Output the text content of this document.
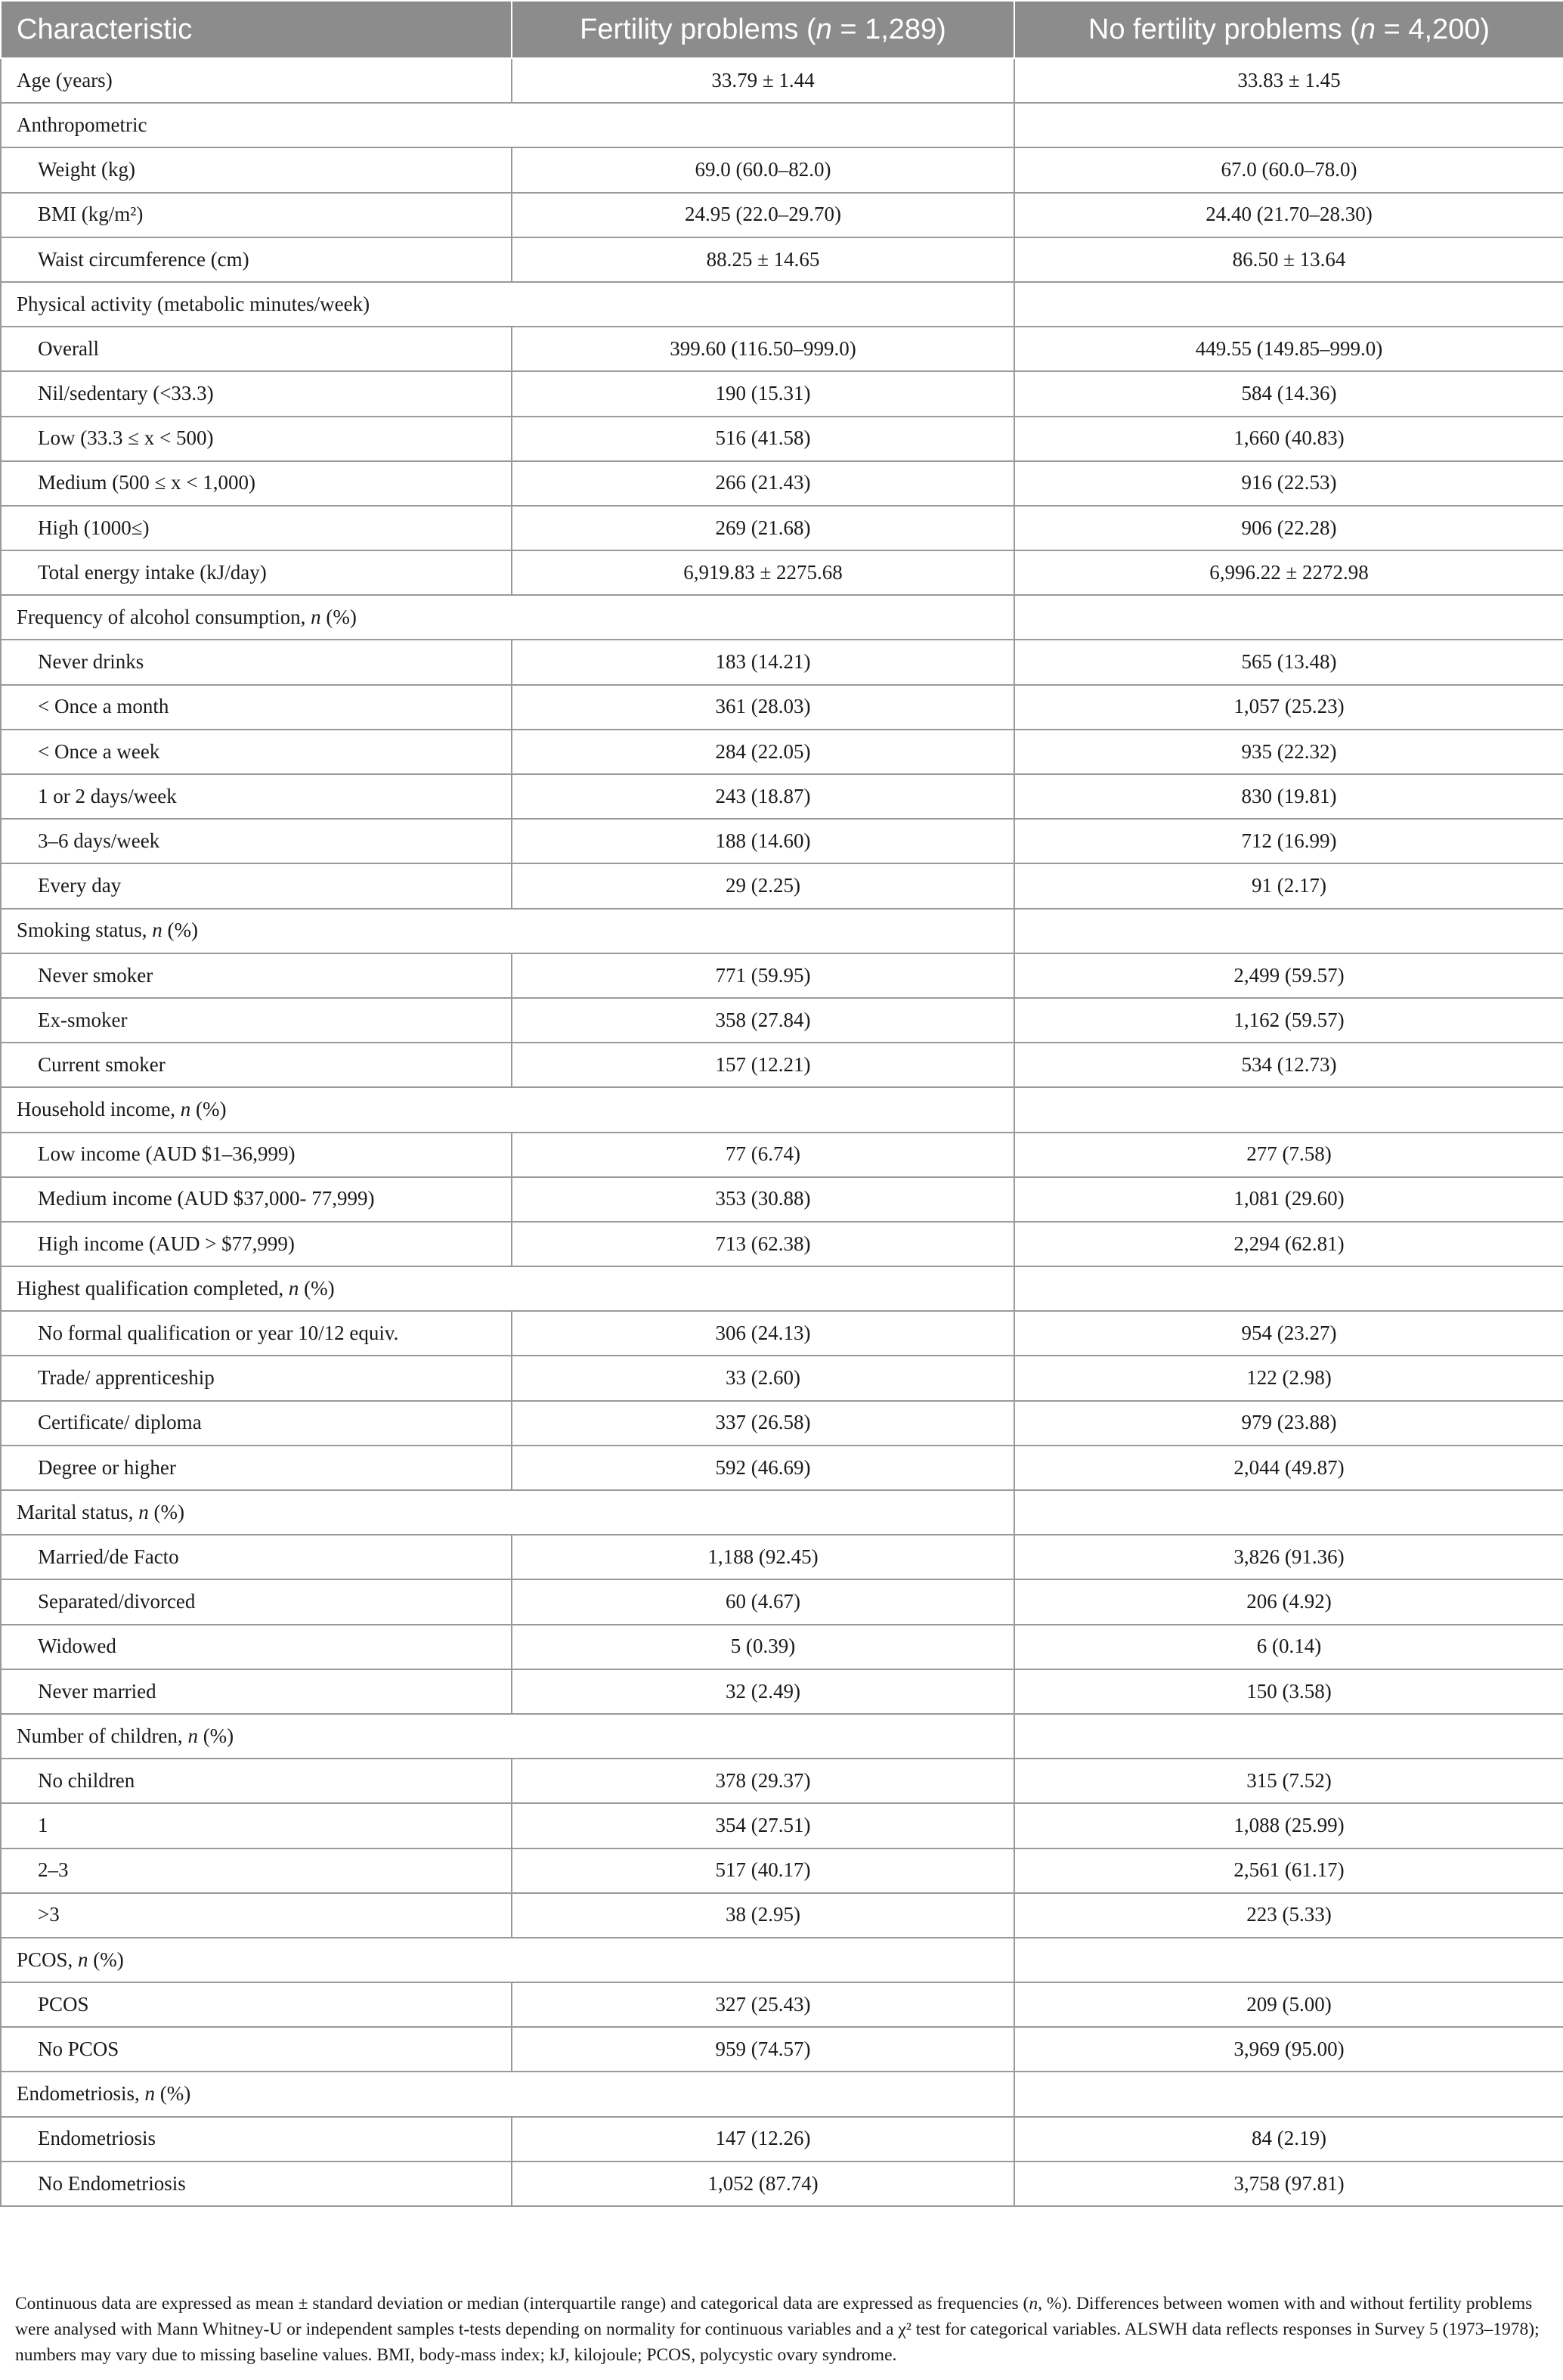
Characteristic	Fertility problems (n = 1,289)	No fertility problems (n = 4,200)
Age (years)	33.79 ± 1.44	33.83 ± 1.45
Anthropometric		
Weight (kg)	69.0 (60.0–82.0)	67.0 (60.0–78.0)
BMI (kg/m²)	24.95 (22.0–29.70)	24.40 (21.70–28.30)
Waist circumference (cm)	88.25 ± 14.65	86.50 ± 13.64
Physical activity (metabolic minutes/week)		
Overall	399.60 (116.50–999.0)	449.55 (149.85–999.0)
Nil/sedentary (<33.3)	190 (15.31)	584 (14.36)
Low (33.3 ≤ x < 500)	516 (41.58)	1,660 (40.83)
Medium (500 ≤ x < 1,000)	266 (21.43)	916 (22.53)
High (1000≤)	269 (21.68)	906 (22.28)
Total energy intake (kJ/day)	6,919.83 ± 2275.68	6,996.22 ± 2272.98
Frequency of alcohol consumption, n (%)		
Never drinks	183 (14.21)	565 (13.48)
< Once a month	361 (28.03)	1,057 (25.23)
< Once a week	284 (22.05)	935 (22.32)
1 or 2 days/week	243 (18.87)	830 (19.81)
3–6 days/week	188 (14.60)	712 (16.99)
Every day	29 (2.25)	91 (2.17)
Smoking status, n (%)		
Never smoker	771 (59.95)	2,499 (59.57)
Ex-smoker	358 (27.84)	1,162 (59.57)
Current smoker	157 (12.21)	534 (12.73)
Household income, n (%)		
Low income (AUD $1–36,999)	77 (6.74)	277 (7.58)
Medium income (AUD $37,000- 77,999)	353 (30.88)	1,081 (29.60)
High income (AUD > $77,999)	713 (62.38)	2,294 (62.81)
Highest qualification completed, n (%)		
No formal qualification or year 10/12 equiv.	306 (24.13)	954 (23.27)
Trade/ apprenticeship	33 (2.60)	122 (2.98)
Certificate/ diploma	337 (26.58)	979 (23.88)
Degree or higher	592 (46.69)	2,044 (49.87)
Marital status, n (%)		
Married/de Facto	1,188 (92.45)	3,826 (91.36)
Separated/divorced	60 (4.67)	206 (4.92)
Widowed	5 (0.39)	6 (0.14)
Never married	32 (2.49)	150 (3.58)
Number of children, n (%)		
No children	378 (29.37)	315 (7.52)
1	354 (27.51)	1,088 (25.99)
2–3	517 (40.17)	2,561 (61.17)
>3	38 (2.95)	223 (5.33)
PCOS, n (%)		
PCOS	327 (25.43)	209 (5.00)
No PCOS	959 (74.57)	3,969 (95.00)
Endometriosis, n (%)		
Endometriosis	147 (12.26)	84 (2.19)
No Endometriosis	1,052 (87.74)	3,758 (97.81)
Continuous data are expressed as mean ± standard deviation or median (interquartile range) and categorical data are expressed as frequencies (n, %). Differences between women with and without fertility problems were analysed with Mann Whitney-U or independent samples t-tests depending on normality for continuous variables and a χ² test for categorical variables. ALSWH data reflects responses in Survey 5 (1973–1978); numbers may vary due to missing baseline values. BMI, body-mass index; kJ, kilojoule; PCOS, polycystic ovary syndrome.
